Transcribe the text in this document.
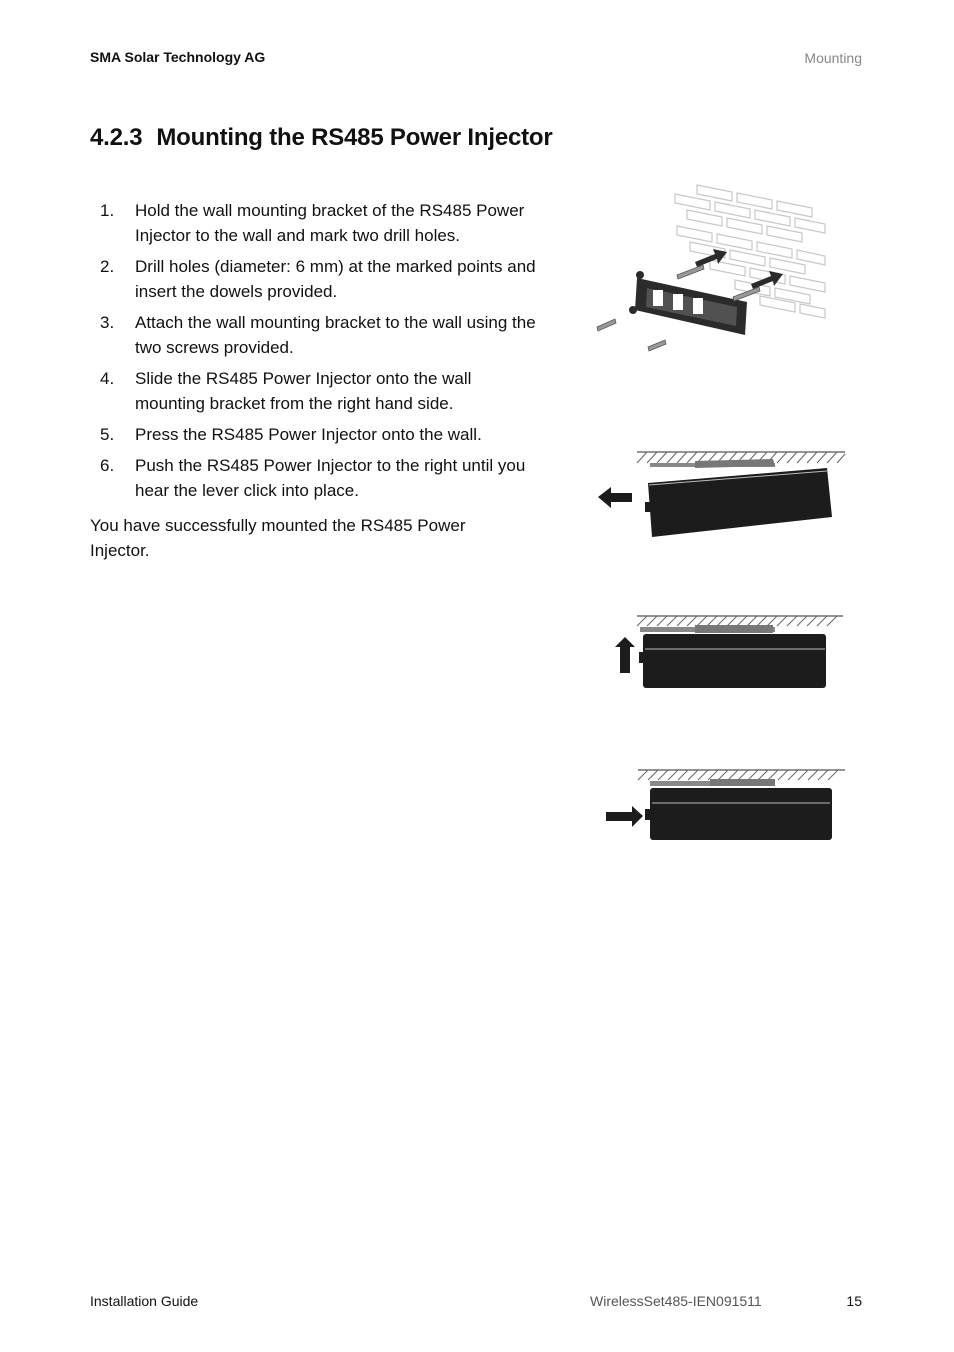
SMA Solar Technology AG	Mounting
4.2.3 Mounting the RS485 Power Injector
1. Hold the wall mounting bracket of the RS485 Power Injector to the wall and mark two drill holes.
2. Drill holes (diameter: 6 mm) at the marked points and insert the dowels provided.
3. Attach the wall mounting bracket to the wall using the two screws provided.
4. Slide the RS485 Power Injector onto the wall mounting bracket from the right hand side.
5. Press the RS485 Power Injector onto the wall.
6. Push the RS485 Power Injector to the right until you hear the lever click into place.

You have successfully mounted the RS485 Power Injector.

Installation Guide	WirelessSet485-IEN091511	15
